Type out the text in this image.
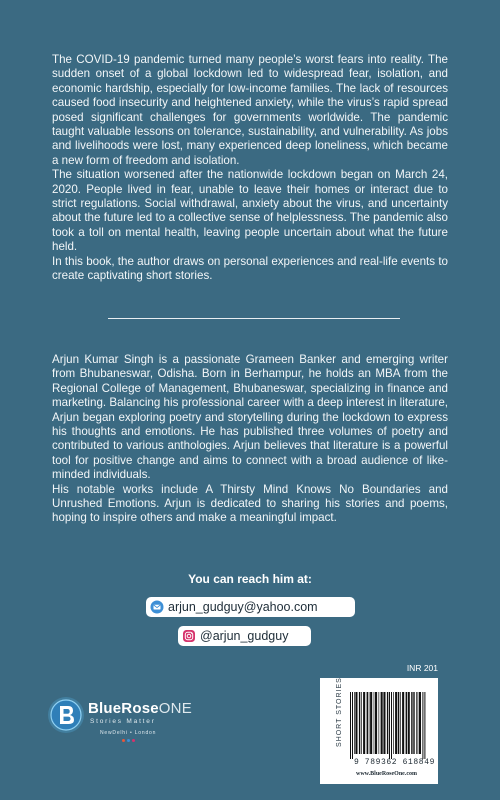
The COVID-19 pandemic turned many people’s worst fears into reality. The sudden onset of a global lockdown led to widespread fear, isolation, and economic hardship, especially for low-income families. The lack of resources caused food insecurity and heightened anxiety, while the virus’s rapid spread posed significant challenges for governments worldwide. The pandemic taught valuable lessons on tolerance, sustainability, and vulnerability. As jobs and livelihoods were lost, many experienced deep loneliness, which became a new form of freedom and isolation.
The situation worsened after the nationwide lockdown began on March 24, 2020. People lived in fear, unable to leave their homes or interact due to strict regulations. Social withdrawal, anxiety about the virus, and uncertainty about the future led to a collective sense of helplessness. The pandemic also took a toll on mental health, leaving people uncertain about what the future held.
In this book, the author draws on personal experiences and real-life events to create captivating short stories.
Arjun Kumar Singh is a passionate Grameen Banker and emerging writer from Bhubaneswar, Odisha. Born in Berhampur, he holds an MBA from the Regional College of Management, Bhubaneswar, specializing in finance and marketing. Balancing his professional career with a deep interest in literature, Arjun began exploring poetry and storytelling during the lockdown to express his thoughts and emotions. He has published three volumes of poetry and contributed to various anthologies. Arjun believes that literature is a powerful tool for positive change and aims to connect with a broad audience of like-minded individuals.
His notable works include A Thirsty Mind Knows No Boundaries and Unrushed Emotions. Arjun is dedicated to sharing his stories and poems, hoping to inspire others and make a meaningful impact.
You can reach him at:
arjun_gudguy@yahoo.com
@arjun_gudguy
BlueRoseONE
Stories Matter
NewDelhi • London
INR 201
SHORT STORIES
9 789362 618849
www.BlueRoseOne.com
